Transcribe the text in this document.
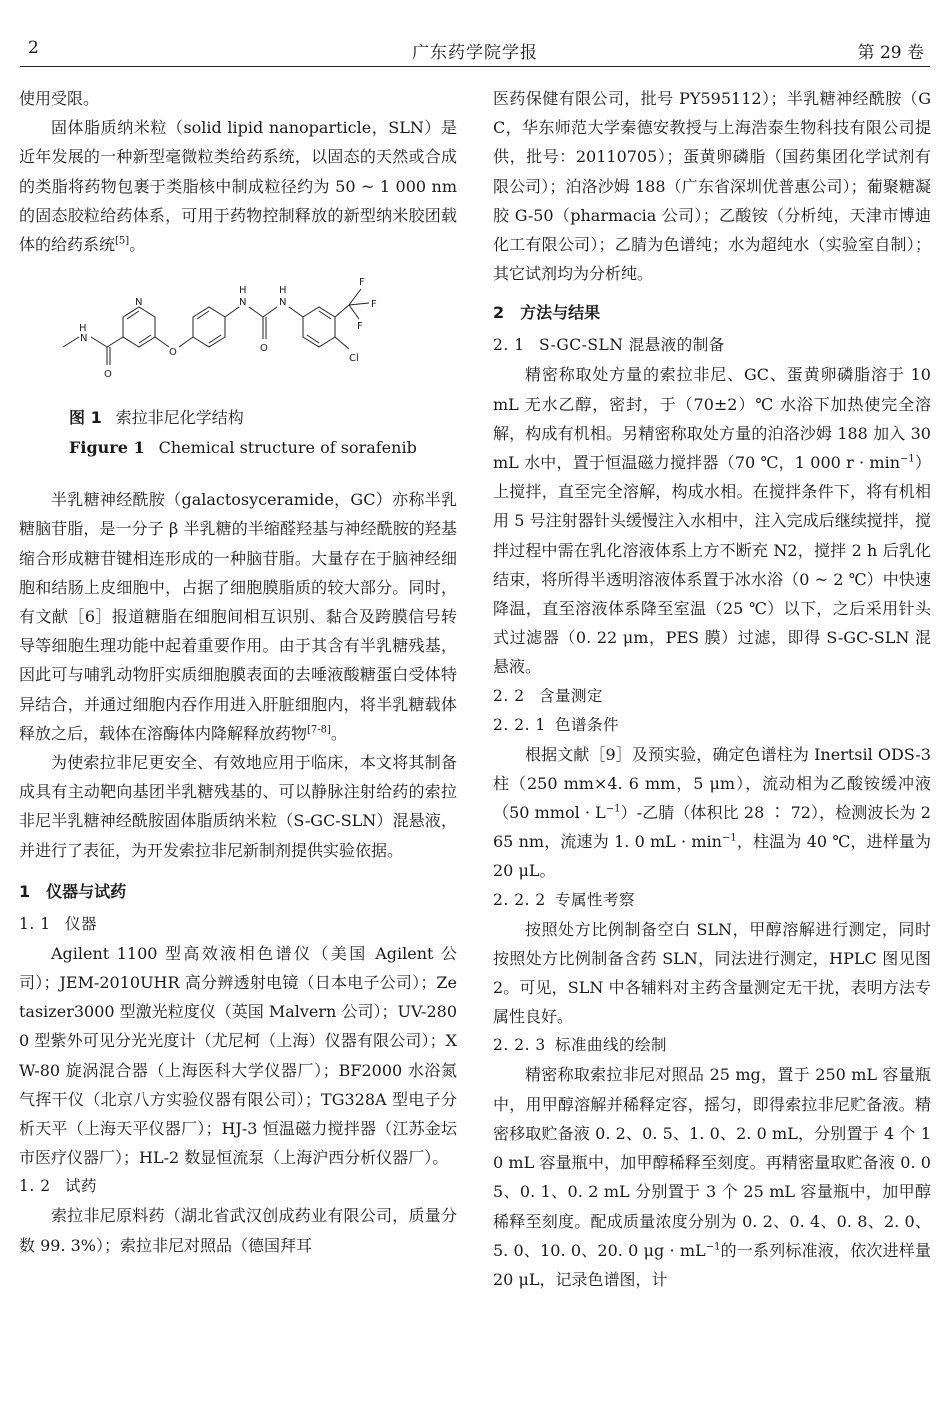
2	广东药学院学报	第 29 卷

使用受限。

固体脂质纳米粒（solid lipid nanoparticle，SLN）是近年发展的一种新型毫微粒类给药系统，以固态的天然或合成的类脂将药物包裹于类脂核中制成粒径约为 50 ~ 1 000 nm 的固态胶粒给药体系，可用于药物控制释放的新型纳米胶团载体的给药系统[5]。

H
N
O
N
O
H
N
O
H
N
F
F
F
Cl

图 1 索拉非尼化学结构

Figure 1 Chemical structure of sorafenib

半乳糖神经酰胺（galactosyceramide，GC）亦称半乳糖脑苷脂，是一分子 β 半乳糖的半缩醛羟基与神经酰胺的羟基缩合形成糖苷键相连形成的一种脑苷脂。大量存在于脑神经细胞和结肠上皮细胞中，占据了细胞膜脂质的较大部分。同时，有文献［6］报道糖脂在细胞间相互识别、黏合及跨膜信号转导等细胞生理功能中起着重要作用。由于其含有半乳糖残基，因此可与哺乳动物肝实质细胞膜表面的去唾液酸糖蛋白受体特异结合，并通过细胞内吞作用进入肝脏细胞内，将半乳糖载体释放之后，载体在溶酶体内降解释放药物[7-8]。

为使索拉非尼更安全、有效地应用于临床，本文将其制备成具有主动靶向基团半乳糖残基的、可以静脉注射给药的索拉非尼半乳糖神经酰胺固体脂质纳米粒（S-GC-SLN）混悬液，并进行了表征，为开发索拉非尼新制剂提供实验依据。

1　仪器与试药

1. 1 仪器

Agilent 1100 型高效液相色谱仪（美国 Agilent 公司）；JEM-2010UHR 高分辨透射电镜（日本电子公司）；Zetasizer3000 型激光粒度仪（英国 Malvern 公司）；UV-2800 型紫外可见分光光度计（尤尼柯（上海）仪器有限公司）；XW-80 旋涡混合器（上海医科大学仪器厂）；BF2000 水浴氮气挥干仪（北京八方实验仪器有限公司）；TG328A 型电子分析天平（上海天平仪器厂）；HJ-3 恒温磁力搅拌器（江苏金坛市医疗仪器厂）；HL-2 数显恒流泵（上海沪西分析仪器厂）。

1. 2 试药

索拉非尼原料药（湖北省武汉创成药业有限公司，质量分数 99. 3%）；索拉非尼对照品（德国拜耳

医药保健有限公司，批号 PY595112）；半乳糖神经酰胺（GC，华东师范大学秦德安教授与上海浩泰生物科技有限公司提供，批号：20110705）；蛋黄卵磷脂（国药集团化学试剂有限公司）；泊洛沙姆 188（广东省深圳优普惠公司）；葡聚糖凝胶 G-50（pharmacia 公司）；乙酸铵（分析纯，天津市博迪化工有限公司）；乙腈为色谱纯；水为超纯水（实验室自制）；其它试剂均为分析纯。

2　方法与结果

2. 1 S-GC-SLN 混悬液的制备

精密称取处方量的索拉非尼、GC、蛋黄卵磷脂溶于 10 mL 无水乙醇，密封，于（70±2）℃ 水浴下加热使完全溶解，构成有机相。另精密称取处方量的泊洛沙姆 188 加入 30 mL 水中，置于恒温磁力搅拌器（70 ℃，1 000 $r \cdot \min^{-1}$）上搅拌，直至完全溶解，构成水相。在搅拌条件下，将有机相用 5 号注射器针头缓慢注入水相中，注入完成后继续搅拌，搅拌过程中需在乳化溶液体系上方不断充 N2，搅拌 2 h 后乳化结束，将所得半透明溶液体系置于冰水浴（0 ~ 2 ℃）中快速降温，直至溶液体系降至室温（25 ℃）以下，之后采用针头式过滤器（0. 22 μm，PES 膜）过滤，即得 S-GC-SLN 混悬液。

2. 2 含量测定

2. 2. 1 色谱条件

根据文献［9］及预实验，确定色谱柱为 Inertsil ODS-3 柱（250 mm×4. 6 mm，5 μm），流动相为乙酸铵缓冲液（50 mmol · $L^{-1})-$乙腈（体积比 28 ∶ 72），检测波长为 265 nm，流速为 1. 0 mL · $\min^{-1}$，柱温为 40 ℃，进样量为 20 μL。

2. 2. 2 专属性考察

按照处方比例制备空白 SLN，甲醇溶解进行测定，同时按照处方比例制备含药 SLN，同法进行测定，HPLC 图见图 2。可见，SLN 中各辅料对主药含量测定无干扰，表明方法专属性良好。

2. 2. 3 标准曲线的绘制

精密称取索拉非尼对照品 25 mg，置于 250 mL 容量瓶中，用甲醇溶解并稀释定容，摇匀，即得索拉非尼贮备液。精密移取贮备液 0. 2、0. 5、1. 0、2. 0 mL，分别置于 4 个 10 mL 容量瓶中，加甲醇稀释至刻度。再精密量取贮备液 0. 05、0. 1、0. 2 mL 分别置于 3 个 25 mL 容量瓶中，加甲醇稀释至刻度。配成质量浓度分别为 0. 2、0. 4、0. 8、2. 0、5. 0、10. 0、20. 0 $\mu g \cdot mL^{-1}$的一系列标准液，依次进样量 20 μL，记录色谱图，计
